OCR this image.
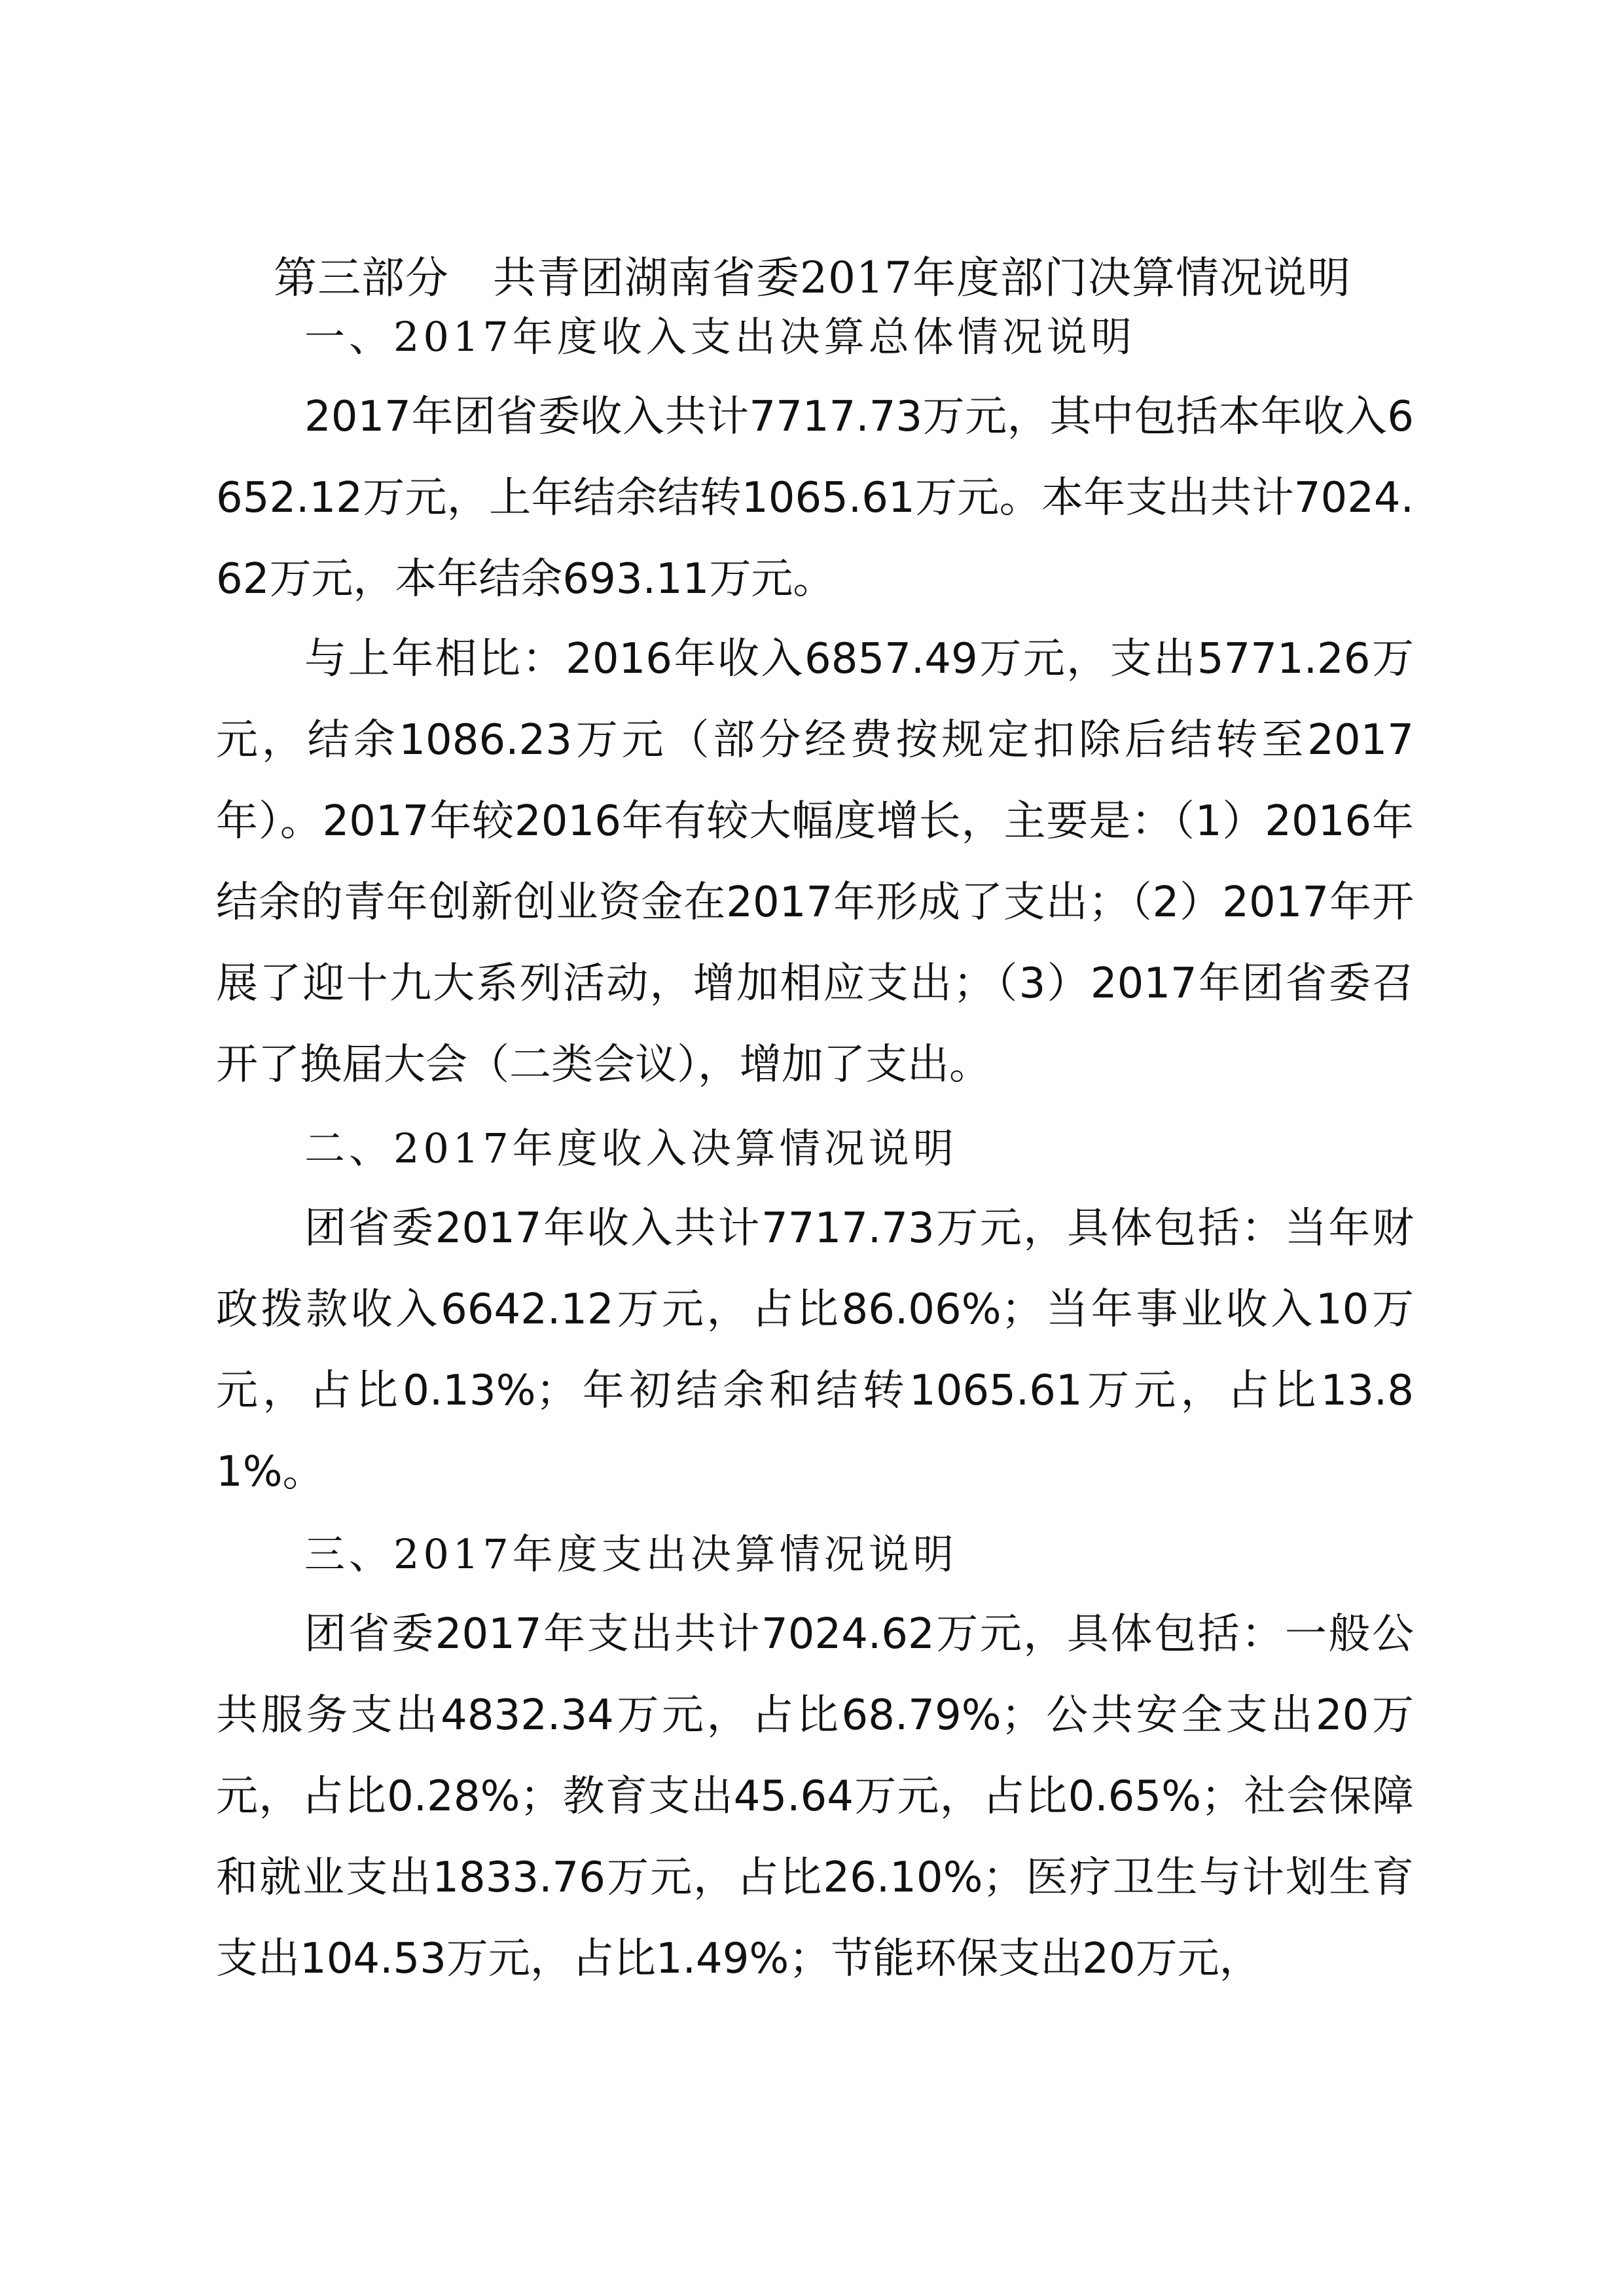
第三部分　共青团湖南省委2017年度部门决算情况说明
一、2017年度收入支出决算总体情况说明
2017年团省委收入共计7717.73万元，其中包括本年收入6652.12万元，上年结余结转1065.61万元。本年支出共计7024.62万元，本年结余693.11万元。
与上年相比：2016年收入6857.49万元，支出5771.26万元，结余1086.23万元（部分经费按规定扣除后结转至2017年）。2017年较2016年有较大幅度增长，主要是：（1）2016年结余的青年创新创业资金在2017年形成了支出；（2）2017年开展了迎十九大系列活动，增加相应支出；（3）2017年团省委召开了换届大会（二类会议），增加了支出。
二、2017年度收入决算情况说明
团省委2017年收入共计7717.73万元，具体包括：当年财政拨款收入6642.12万元，占比86.06%；当年事业收入10万元，占比0.13%；年初结余和结转1065.61万元，占比13.81%。
三、2017年度支出决算情况说明
团省委2017年支出共计7024.62万元，具体包括：一般公共服务支出4832.34万元，占比68.79%；公共安全支出20万元，占比0.28%；教育支出45.64万元，占比0.65%；社会保障和就业支出1833.76万元，占比26.10%；医疗卫生与计划生育支出104.53万元，占比1.49%；节能环保支出20万元，
